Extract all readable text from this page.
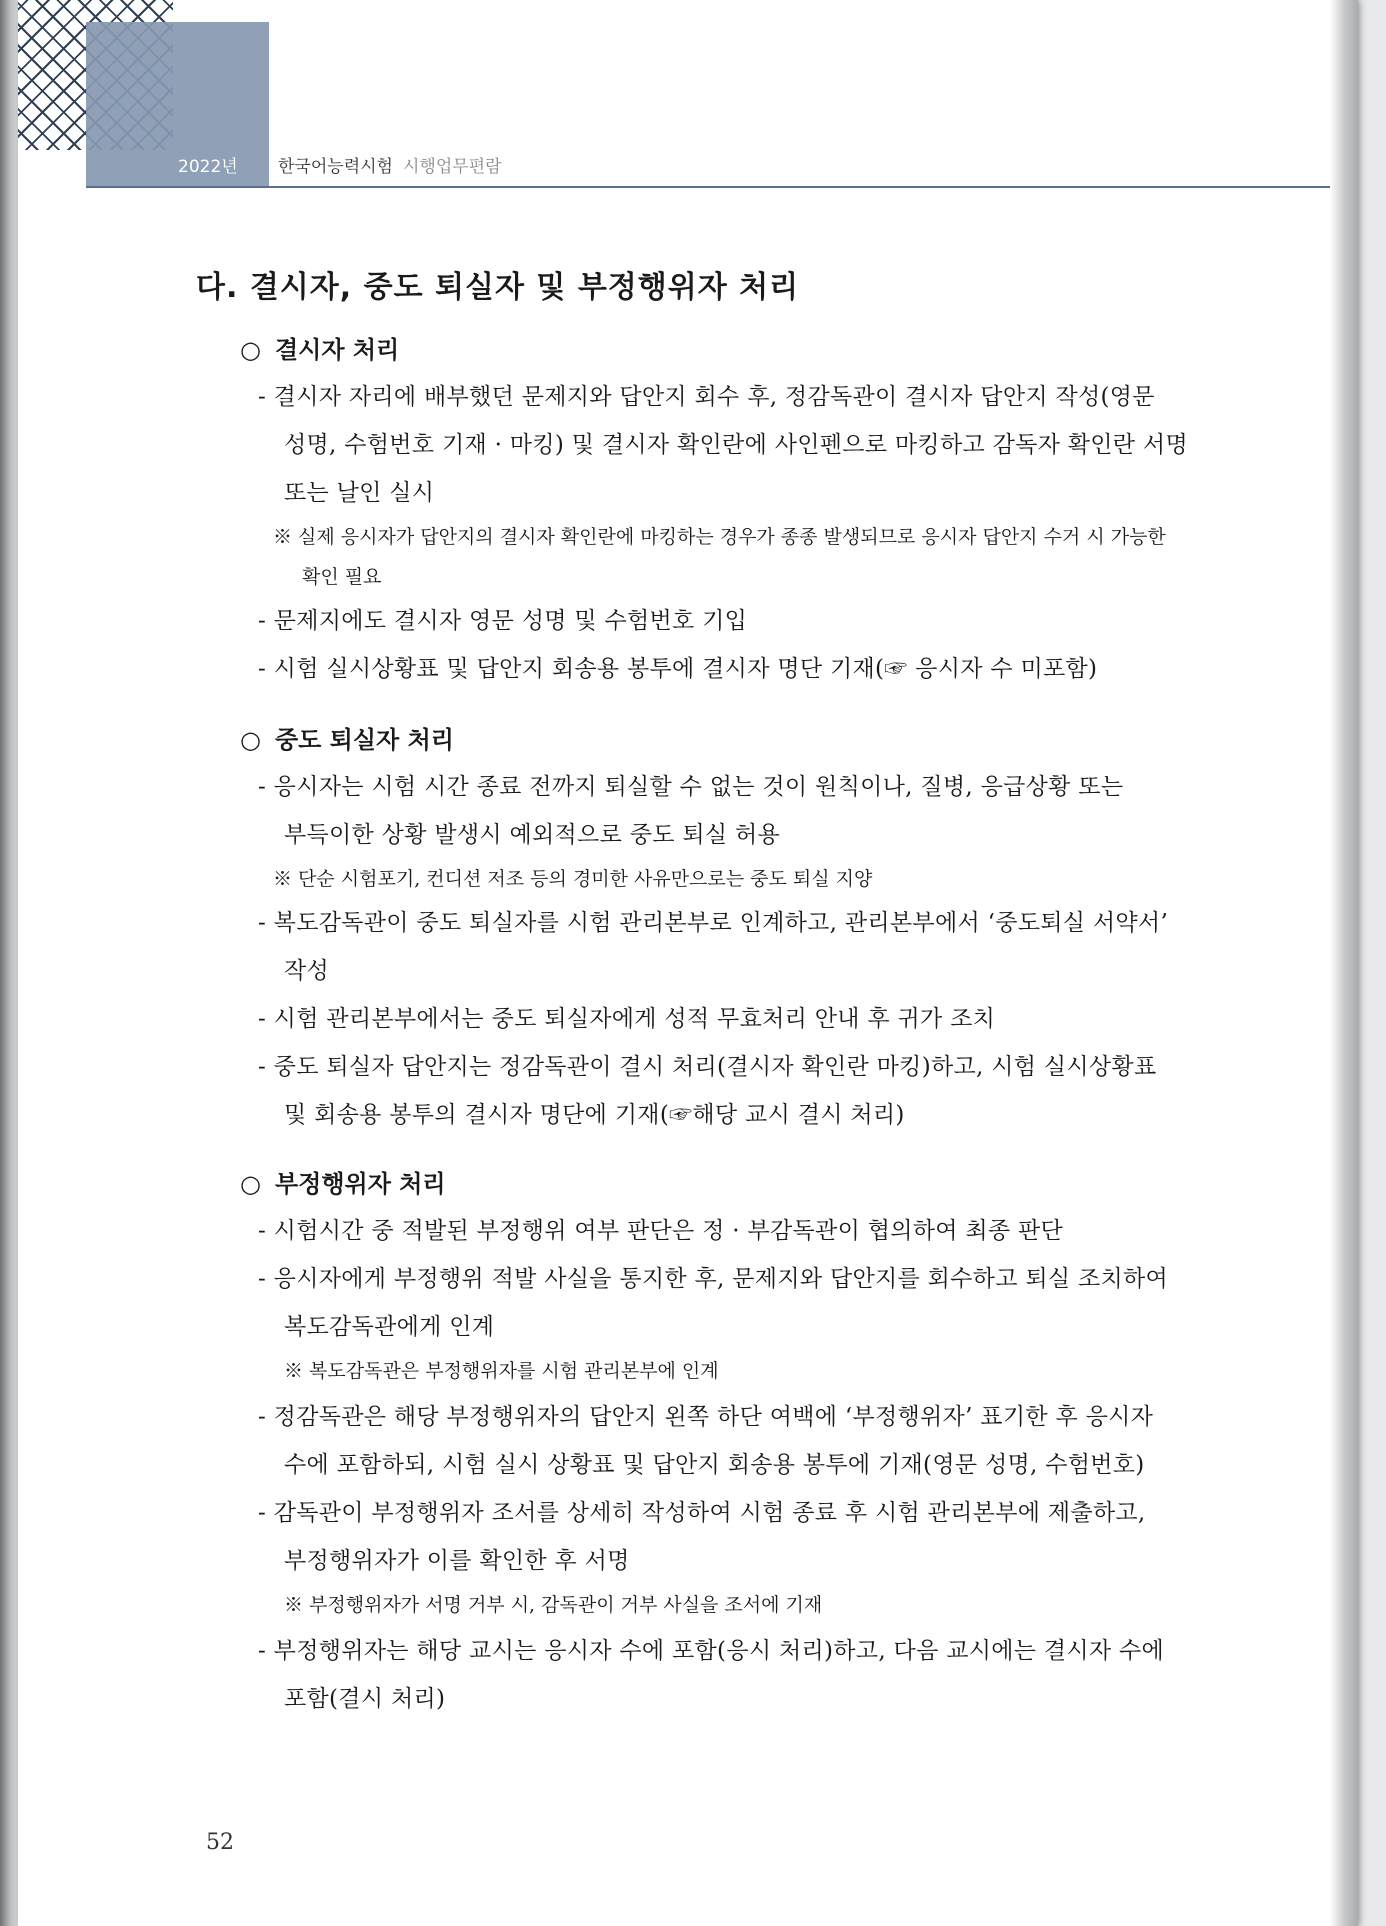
2022년 한국어능력시험 시행업무편람
다. 결시자, 중도 퇴실자 및 부정행위자 처리
○ 결시자 처리
- 결시자 자리에 배부했던 문제지와 답안지 회수 후, 정감독관이 결시자 답안지 작성(영문
성명, 수험번호 기재 · 마킹) 및 결시자 확인란에 사인펜으로 마킹하고 감독자 확인란 서명
또는 날인 실시
※ 실제 응시자가 답안지의 결시자 확인란에 마킹하는 경우가 종종 발생되므로 응시자 답안지 수거 시 가능한
확인 필요
- 문제지에도 결시자 영문 성명 및 수험번호 기입
- 시험 실시상황표 및 답안지 회송용 봉투에 결시자 명단 기재(☞ 응시자 수 미포함)
○ 중도 퇴실자 처리
- 응시자는 시험 시간 종료 전까지 퇴실할 수 없는 것이 원칙이나, 질병, 응급상황 또는
부득이한 상황 발생시 예외적으로 중도 퇴실 허용
※ 단순 시험포기, 컨디션 저조 등의 경미한 사유만으로는 중도 퇴실 지양
- 복도감독관이 중도 퇴실자를 시험 관리본부로 인계하고, 관리본부에서 ‘중도퇴실 서약서’
작성
- 시험 관리본부에서는 중도 퇴실자에게 성적 무효처리 안내 후 귀가 조치
- 중도 퇴실자 답안지는 정감독관이 결시 처리(결시자 확인란 마킹)하고, 시험 실시상황표
및 회송용 봉투의 결시자 명단에 기재(☞해당 교시 결시 처리)
○ 부정행위자 처리
- 시험시간 중 적발된 부정행위 여부 판단은 정 · 부감독관이 협의하여 최종 판단
- 응시자에게 부정행위 적발 사실을 통지한 후, 문제지와 답안지를 회수하고 퇴실 조치하여
복도감독관에게 인계
※ 복도감독관은 부정행위자를 시험 관리본부에 인계
- 정감독관은 해당 부정행위자의 답안지 왼쪽 하단 여백에 ‘부정행위자’ 표기한 후 응시자
수에 포함하되, 시험 실시 상황표 및 답안지 회송용 봉투에 기재(영문 성명, 수험번호)
- 감독관이 부정행위자 조서를 상세히 작성하여 시험 종료 후 시험 관리본부에 제출하고,
부정행위자가 이를 확인한 후 서명
※ 부정행위자가 서명 거부 시, 감독관이 거부 사실을 조서에 기재
- 부정행위자는 해당 교시는 응시자 수에 포함(응시 처리)하고, 다음 교시에는 결시자 수에
포함(결시 처리)
52
